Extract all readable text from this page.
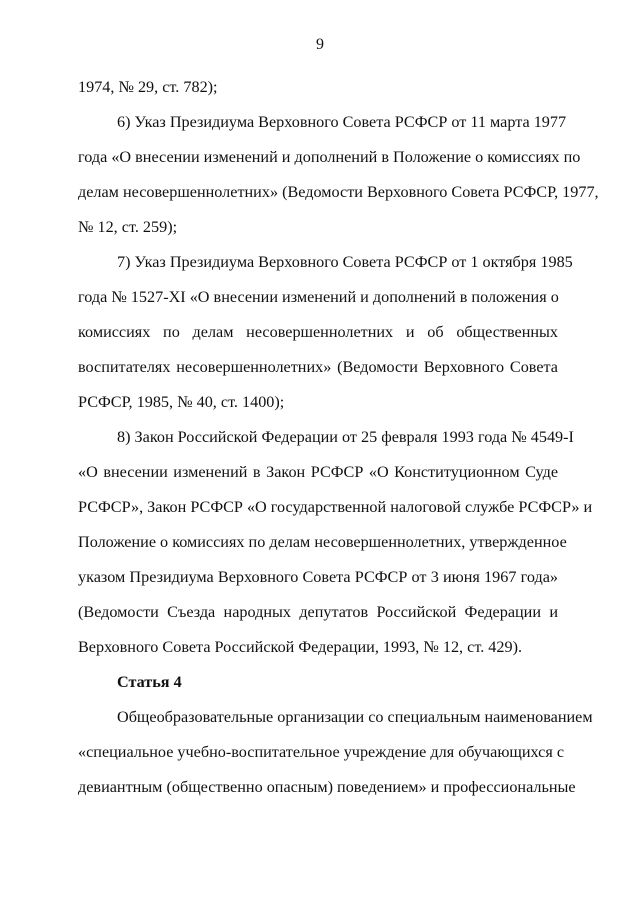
9
1974, № 29, ст. 782);
6) Указ Президиума Верховного Совета РСФСР от 11 марта 1977
года «О внесении изменений и дополнений в Положение о комиссиях по
делам несовершеннолетних» (Ведомости Верховного Совета РСФСР, 1977,
№ 12, ст. 259);
7) Указ Президиума Верховного Совета РСФСР от 1 октября 1985
года № 1527-XI «О внесении изменений и дополнений в положения о
комиссиях по делам несовершеннолетних и об общественных
воспитателях несовершеннолетних» (Ведомости Верховного Совета
РСФСР, 1985, № 40, ст. 1400);
8) Закон Российской Федерации от 25 февраля 1993 года № 4549-I
«О внесении изменений в Закон РСФСР «О Конституционном Суде
РСФСР», Закон РСФСР «О государственной налоговой службе РСФСР» и
Положение о комиссиях по делам несовершеннолетних, утвержденное
указом Президиума Верховного Совета РСФСР от 3 июня 1967 года»
(Ведомости Съезда народных депутатов Российской Федерации и
Верховного Совета Российской Федерации, 1993, № 12, ст. 429).
Статья 4
Общеобразовательные организации со специальным наименованием
«специальное учебно-воспитательное учреждение для обучающихся с
девиантным (общественно опасным) поведением» и профессиональные
